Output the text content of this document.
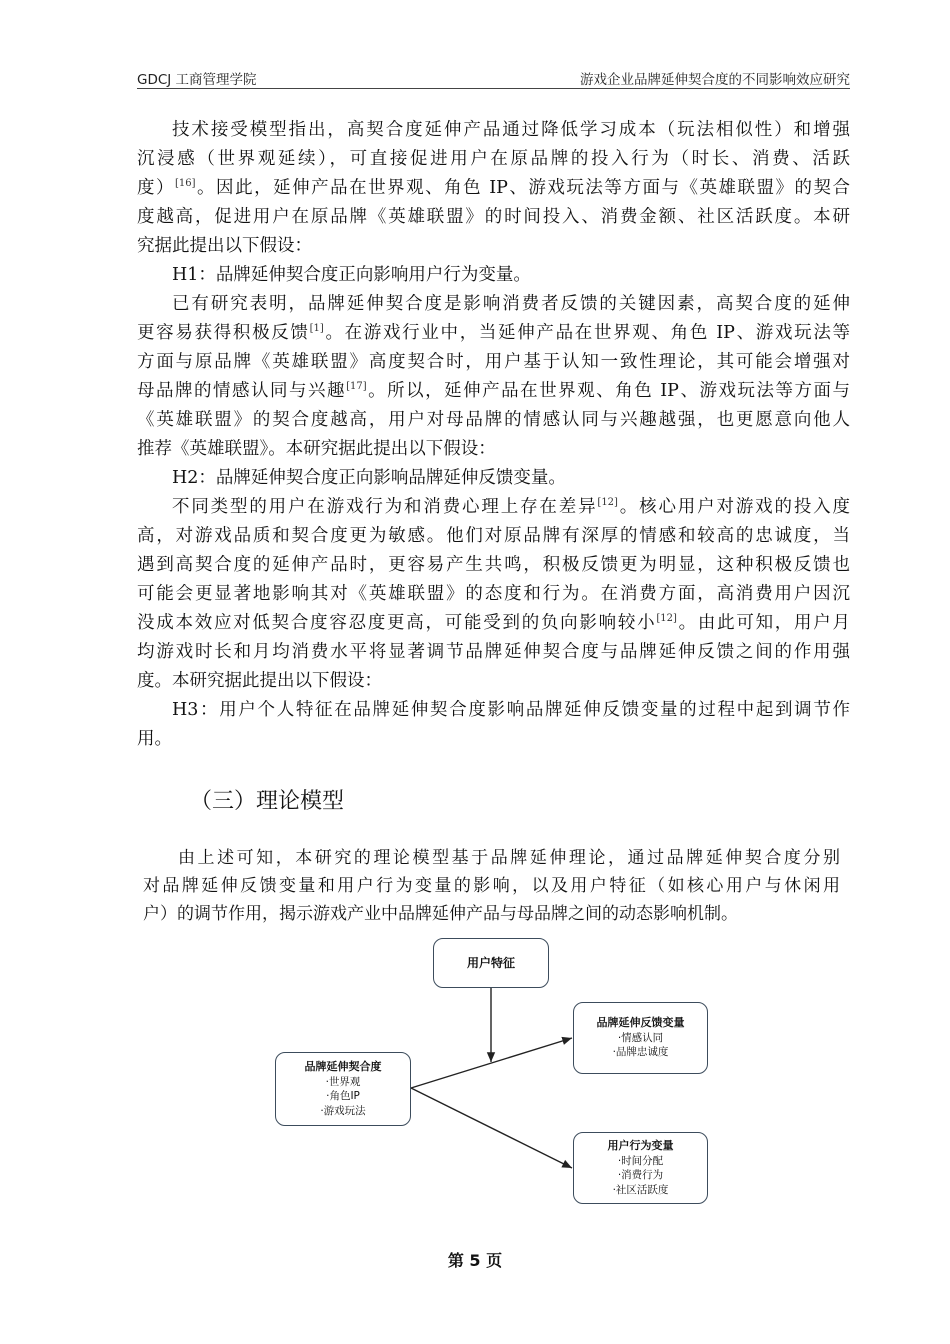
GDCJ 工商管理学院	游戏企业品牌延伸契合度的不同影响效应研究
技术接受模型指出，高契合度延伸产品通过降低学习成本（玩法相似性）和增强
沉浸感（世界观延续），可直接促进用户在原品牌的投入行为（时长、消费、活跃
度）[16]。因此，延伸产品在世界观、角色 IP、游戏玩法等方面与《英雄联盟》的契合
度越高，促进用户在原品牌《英雄联盟》的时间投入、消费金额、社区活跃度。本研
究据此提出以下假设：
H1：品牌延伸契合度正向影响用户行为变量。
已有研究表明，品牌延伸契合度是影响消费者反馈的关键因素，高契合度的延伸
更容易获得积极反馈[1]。在游戏行业中，当延伸产品在世界观、角色 IP、游戏玩法等
方面与原品牌《英雄联盟》高度契合时，用户基于认知一致性理论，其可能会增强对
母品牌的情感认同与兴趣[17]。所以，延伸产品在世界观、角色 IP、游戏玩法等方面与
《英雄联盟》的契合度越高，用户对母品牌的情感认同与兴趣越强，也更愿意向他人
推荐《英雄联盟》。本研究据此提出以下假设：
H2：品牌延伸契合度正向影响品牌延伸反馈变量。
不同类型的用户在游戏行为和消费心理上存在差异[12]。核心用户对游戏的投入度
高，对游戏品质和契合度更为敏感。他们对原品牌有深厚的情感和较高的忠诚度，当
遇到高契合度的延伸产品时，更容易产生共鸣，积极反馈更为明显，这种积极反馈也
可能会更显著地影响其对《英雄联盟》的态度和行为。在消费方面，高消费用户因沉
没成本效应对低契合度容忍度更高，可能受到的负向影响较小[12]。由此可知，用户月
均游戏时长和月均消费水平将显著调节品牌延伸契合度与品牌延伸反馈之间的作用强
度。本研究据此提出以下假设：
H3：用户个人特征在品牌延伸契合度影响品牌延伸反馈变量的过程中起到调节作
用。
（三）理论模型
由上述可知，本研究的理论模型基于品牌延伸理论，通过品牌延伸契合度分别
对品牌延伸反馈变量和用户行为变量的影响，以及用户特征（如核心用户与休闲用
户）的调节作用，揭示游戏产业中品牌延伸产品与母品牌之间的动态影响机制。
用户特征
品牌延伸契合度
·世界观
·角色IP
·游戏玩法
品牌延伸反馈变量
·情感认同
·品牌忠诚度
用户行为变量
·时间分配
·消费行为
·社区活跃度
第 5 页
